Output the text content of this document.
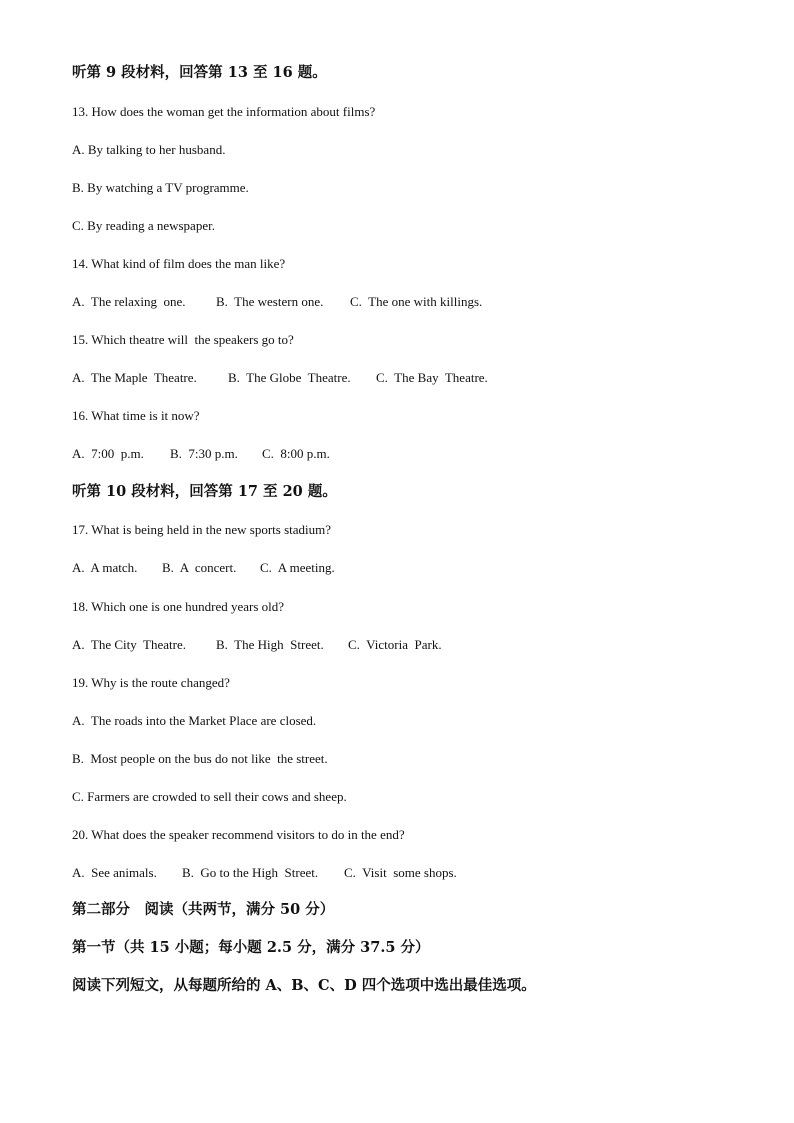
听第 9 段材料，回答第 13 至 16 题。
13. How does the woman get the information about films?
A. By talking to her husband.
B. By watching a TV programme.
C. By reading a newspaper.
14. What kind of film does the man like?
A.  The relaxing  one. B.  The western one. C.  The one with killings.
15. Which theatre will  the speakers go to?
A.  The Maple  Theatre. B.  The Globe  Theatre. C.  The Bay  Theatre.
16. What time is it now?
A.  7:00  p.m. B.  7:30 p.m. C.  8:00 p.m.
听第 10 段材料，回答第 17 至 20 题。
17. What is being held in the new sports stadium?
A.  A match. B.  A  concert. C.  A meeting.
18. Which one is one hundred years old?
A.  The City  Theatre. B.  The High  Street. C.  Victoria  Park.
19. Why is the route changed?
A.  The roads into the Market Place are closed.
B.  Most people on the bus do not like  the street.
C. Farmers are crowded to sell their cows and sheep.
20. What does the speaker recommend visitors to do in the end?
A.  See animals. B.  Go to the High  Street. C.  Visit  some shops.
第二部分　阅读（共两节，满分 50 分）
第一节（共 15 小题；每小题 2.5 分，满分 37.5 分）
阅读下列短文，从每题所给的 A、B、C、D 四个选项中选出最佳选项。
